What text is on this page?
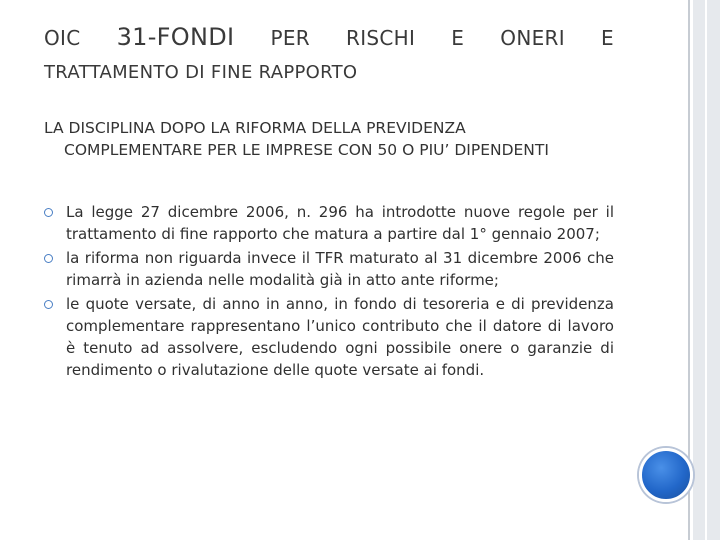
OIC 31-FONDI PER RISCHI E ONERI E
TRATTAMENTO DI FINE RAPPORTO
LA DISCIPLINA DOPO LA RIFORMA DELLA PREVIDENZA
COMPLEMENTARE PER LE IMPRESE CON 50 O PIU’ DIPENDENTI
La legge 27 dicembre 2006, n. 296 ha introdotte nuove regole per il trattamento di fine rapporto che matura a partire dal 1° gennaio 2007;
la riforma non riguarda invece il TFR maturato al 31 dicembre 2006 che rimarrà in azienda nelle modalità già in atto ante riforme;
le quote versate, di anno in anno, in fondo di tesoreria e di previdenza complementare rappresentano l’unico contributo che il datore di lavoro è tenuto ad assolvere, escludendo ogni possibile onere o garanzie di rendimento o rivalutazione delle quote versate ai fondi.
